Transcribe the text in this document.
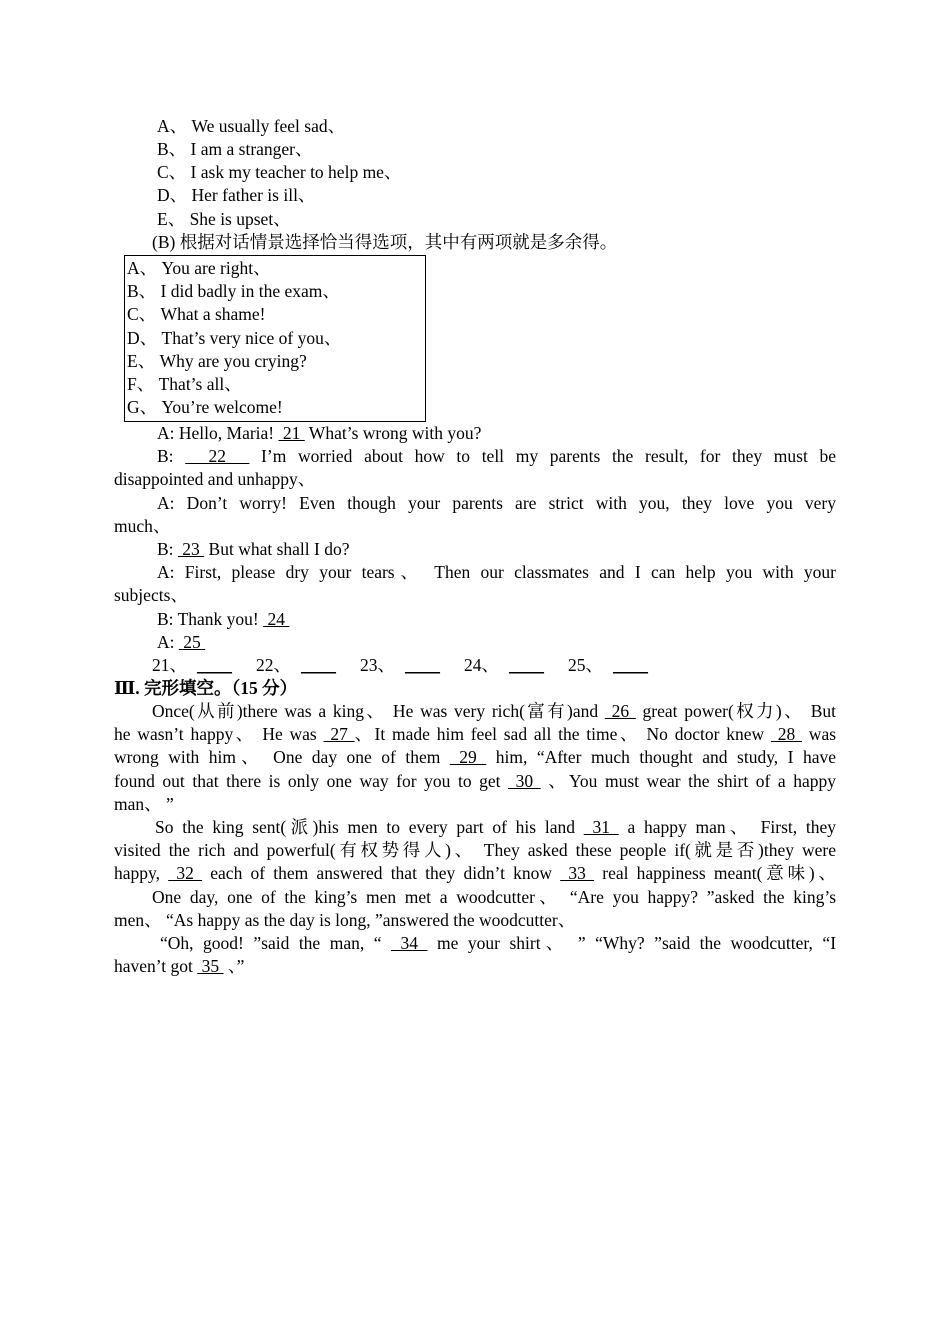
A、 We usually feel sad、
B、 I am a stranger、
C、 I ask my teacher to help me、
D、 Her father is ill、
E、 She is upset、
(B) 根据对话情景选择恰当得选项，其中有两项就是多余得。
A、 You are right、
B、 I did badly in the exam、
C、 What a shame!
D、 That’s very nice of you、
E、 Why are you crying?
F、 That’s all、
G、 You’re welcome!
A: Hello, Maria!  21  What’s wrong with you?
B:   22   I’m worried about how to tell my parents the result, for they must be
disappointed and unhappy、
A: Don’t worry! Even though your parents are strict with you, they love you very
much、
B:  23  But what shall I do?
A: First, please dry your tears、 Then our classmates and I can help you with your
subjects、
B: Thank you!  24
A:  25
21、 ____ 22、 ____ 23、 ____ 24、 ____ 25、 ____
Ⅲ. 完形填空。（15 分）
Once(从前)there was a king、 He was very rich(富有)and  26  great power(权力)、 But
he wasn’t happy、 He was  27 、It made him feel sad all the time、 No doctor knew  28  was
wrong with him、 One day one of them  29  him, “After much thought and study, I have
found out that there is only one way for you to get  30  、You must wear the shirt of a happy
man、 ”
So the king sent(派)his men to every part of his land  31  a happy man、 First, they
visited the rich and powerful(有权势得人)、 They asked these people if(就是否)they were
happy,  32  each of them answered that they didn’t know  33  real happiness meant(意味)、
One day, one of the king’s men met a woodcutter、 “Are you happy? ”asked the king’s
men、 “As happy as the day is long, ”answered the woodcutter、
“Oh, good! ”said the man, “  34  me your shirt、 ” “Why? ”said the woodcutter, “I
haven’t got  35  、”
